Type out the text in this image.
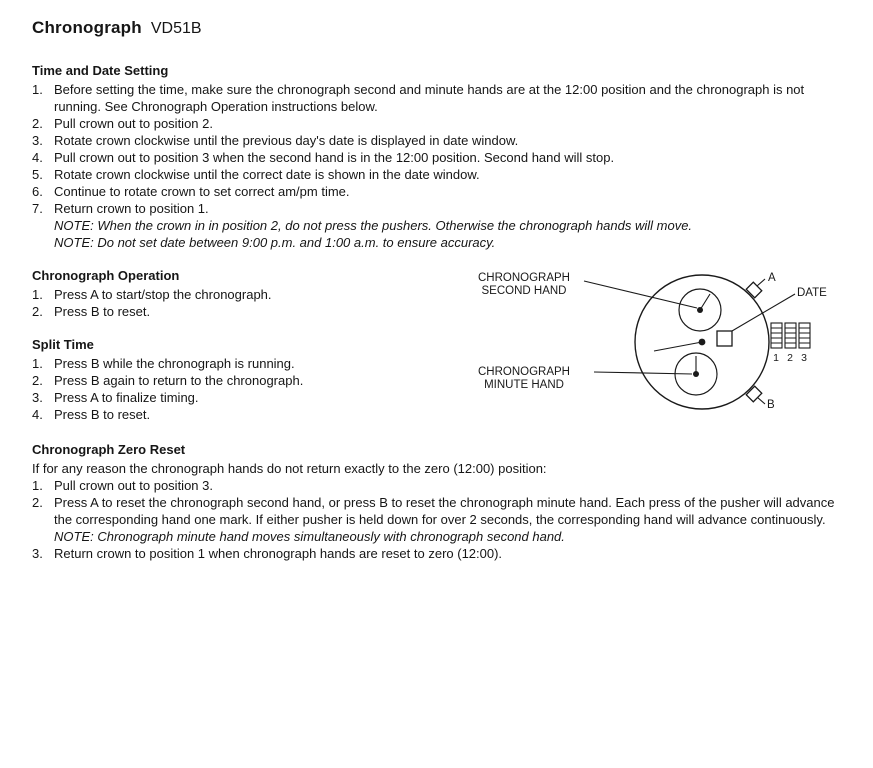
Chronograph VD51B
Time and Date Setting
1. Before setting the time, make sure the chronograph second and minute hands are at the 12:00 position and the chronograph is not running. See Chronograph Operation instructions below.
2. Pull crown out to position 2.
3. Rotate crown clockwise until the previous day's date is displayed in date window.
4. Pull crown out to position 3 when the second hand is in the 12:00 position. Second hand will stop.
5. Rotate crown clockwise until the correct date is shown in the date window.
6. Continue to rotate crown to set correct am/pm time.
7. Return crown to position 1.
NOTE: When the crown in in position 2, do not press the pushers. Otherwise the chronograph hands will move.
NOTE: Do not set date between 9:00 p.m. and 1:00 a.m. to ensure accuracy.
Chronograph Operation
1. Press A to start/stop the chronograph.
2. Press B to reset.
Split Time
1. Press B while the chronograph is running.
2. Press B again to return to the chronograph.
3. Press A to finalize timing.
4. Press B to reset.
CHRONOGRAPH
SECOND HAND
CHRONOGRAPH
MINUTE HAND
A
B
DATE
1 2 3
Chronograph Zero Reset
If for any reason the chronograph hands do not return exactly to the zero (12:00) position:
1. Pull crown out to position 3.
2. Press A to reset the chronograph second hand, or press B to reset the chronograph minute hand. Each press of the pusher will advance the corresponding hand one mark. If either pusher is held down for over 2 seconds, the corresponding hand will advance continuously.
NOTE: Chronograph minute hand moves simultaneously with chronograph second hand.
3. Return crown to position 1 when chronograph hands are reset to zero (12:00).
